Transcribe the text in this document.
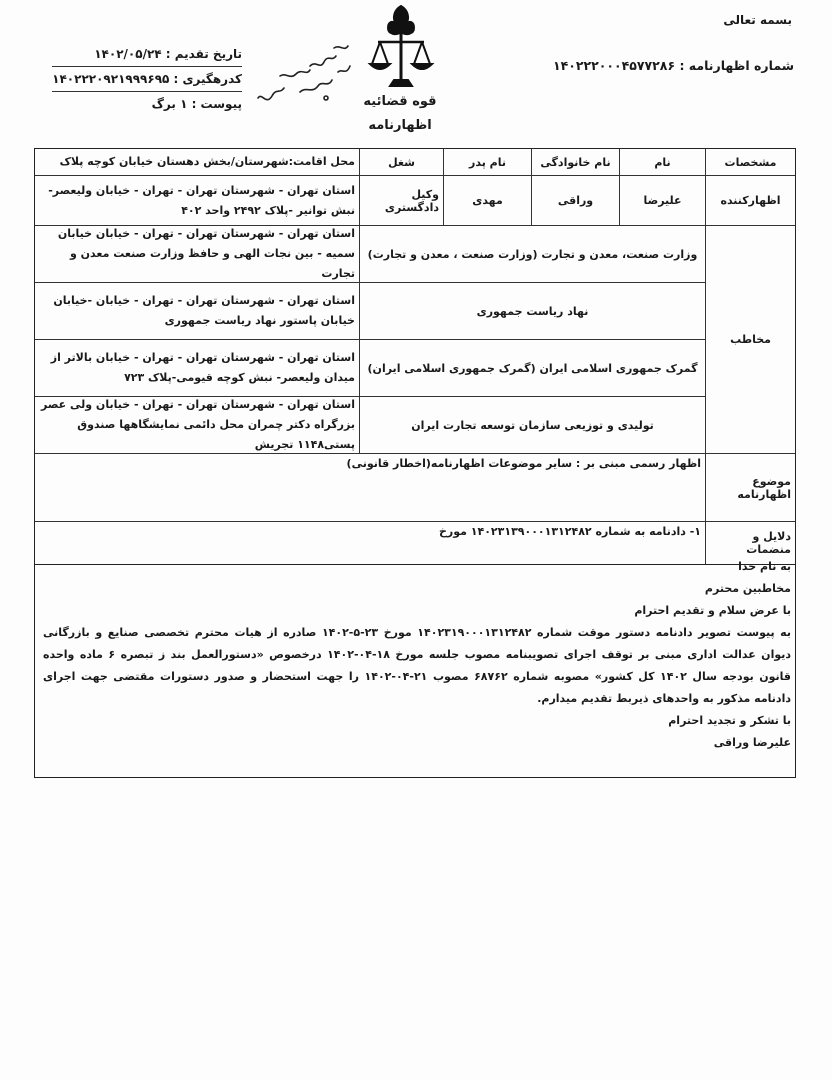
بسمه تعالی
شماره اظهارنامه : ۱۴۰۲۲۲۰۰۰۴۵۷۷۲۸۶
تاریخ تقدیم : ۱۴۰۲/۰۵/۲۴
کدرهگیری : ۱۴۰۲۲۲۰۹۲۱۹۹۹۶۹۵
پیوست : ۱ برگ	قوه قضائیه
اظهارنامه
مشخصات
نام
نام خانوادگی
نام پدر
شغل
محل اقامت:شهرستان/بخش دهستان خیابان کوچه پلاک
اظهارکننده
علیرضا
وراقی
مهدی
وکیل دادگستری
استان تهران - شهرستان تهران - تهران - خیابان ولیعصر- نبش توانیر -پلاک ۲۴۹۲ واحد ۴۰۲
مخاطب
وزارت صنعت، معدن و تجارت (وزارت صنعت ، معدن و تجارت)
استان تهران - شهرستان تهران - تهران - خیابان خیابان سمیه - بین نجات الهی و حافظ وزارت صنعت معدن و تجارت
نهاد ریاست جمهوری
استان تهران - شهرستان تهران - تهران - خیابان -خیابان خیابان پاستور نهاد ریاست جمهوری
گمرک جمهوری اسلامی ایران (گمرک جمهوری اسلامی ایران)
استان تهران - شهرستان تهران - تهران - خیابان بالاتر از میدان ولیعصر- نبش کوچه قیومی-پلاک ۷۲۳
تولیدی و توزیعی سازمان توسعه تجارت ایران
استان تهران - شهرستان تهران - تهران - خیابان ولی عصر بزرگراه دکتر چمران محل دائمی نمایشگاهها صندوق پستی۱۱۴۸ تجریش
موضوع اظهارنامه
اظهار رسمی مبنی بر : سایر موضوعات اظهارنامه(اخطار قانونی)
دلایل و منضمات
۱- دادنامه به شماره ۱۴۰۲۳۱۳۹۰۰۰۱۳۱۲۴۸۲ مورخ

به نام خدا

مخاطبین محترم

با عرض سلام و تقدیم احترام

به پیوست تصویر دادنامه دستور موقت شماره ۱۴۰۲۳۱۹۰۰۰۱۳۱۲۴۸۲ مورخ ۲۳-۵-۱۴۰۲ صادره از هیات محترم تخصصی صنایع و بازرگانی دیوان عدالت اداری مبنی بر توقف اجرای تصویبنامه مصوب جلسه مورخ ۱۸-۰۴-۱۴۰۲ درخصوص «دستورالعمل بند ز تبصره ۶ ماده واحده قانون بودجه سال ۱۴۰۲ کل کشور» مصوبه شماره ۶۸۷۶۲ مصوب ۲۱-۰۴-۱۴۰۲ را جهت استحضار و صدور دستورات مقتضی جهت اجرای دادنامه مذکور به واحدهای ذیربط تقدیم میدارم.

با تشکر و تجدید احترام

علیرضا وراقی
